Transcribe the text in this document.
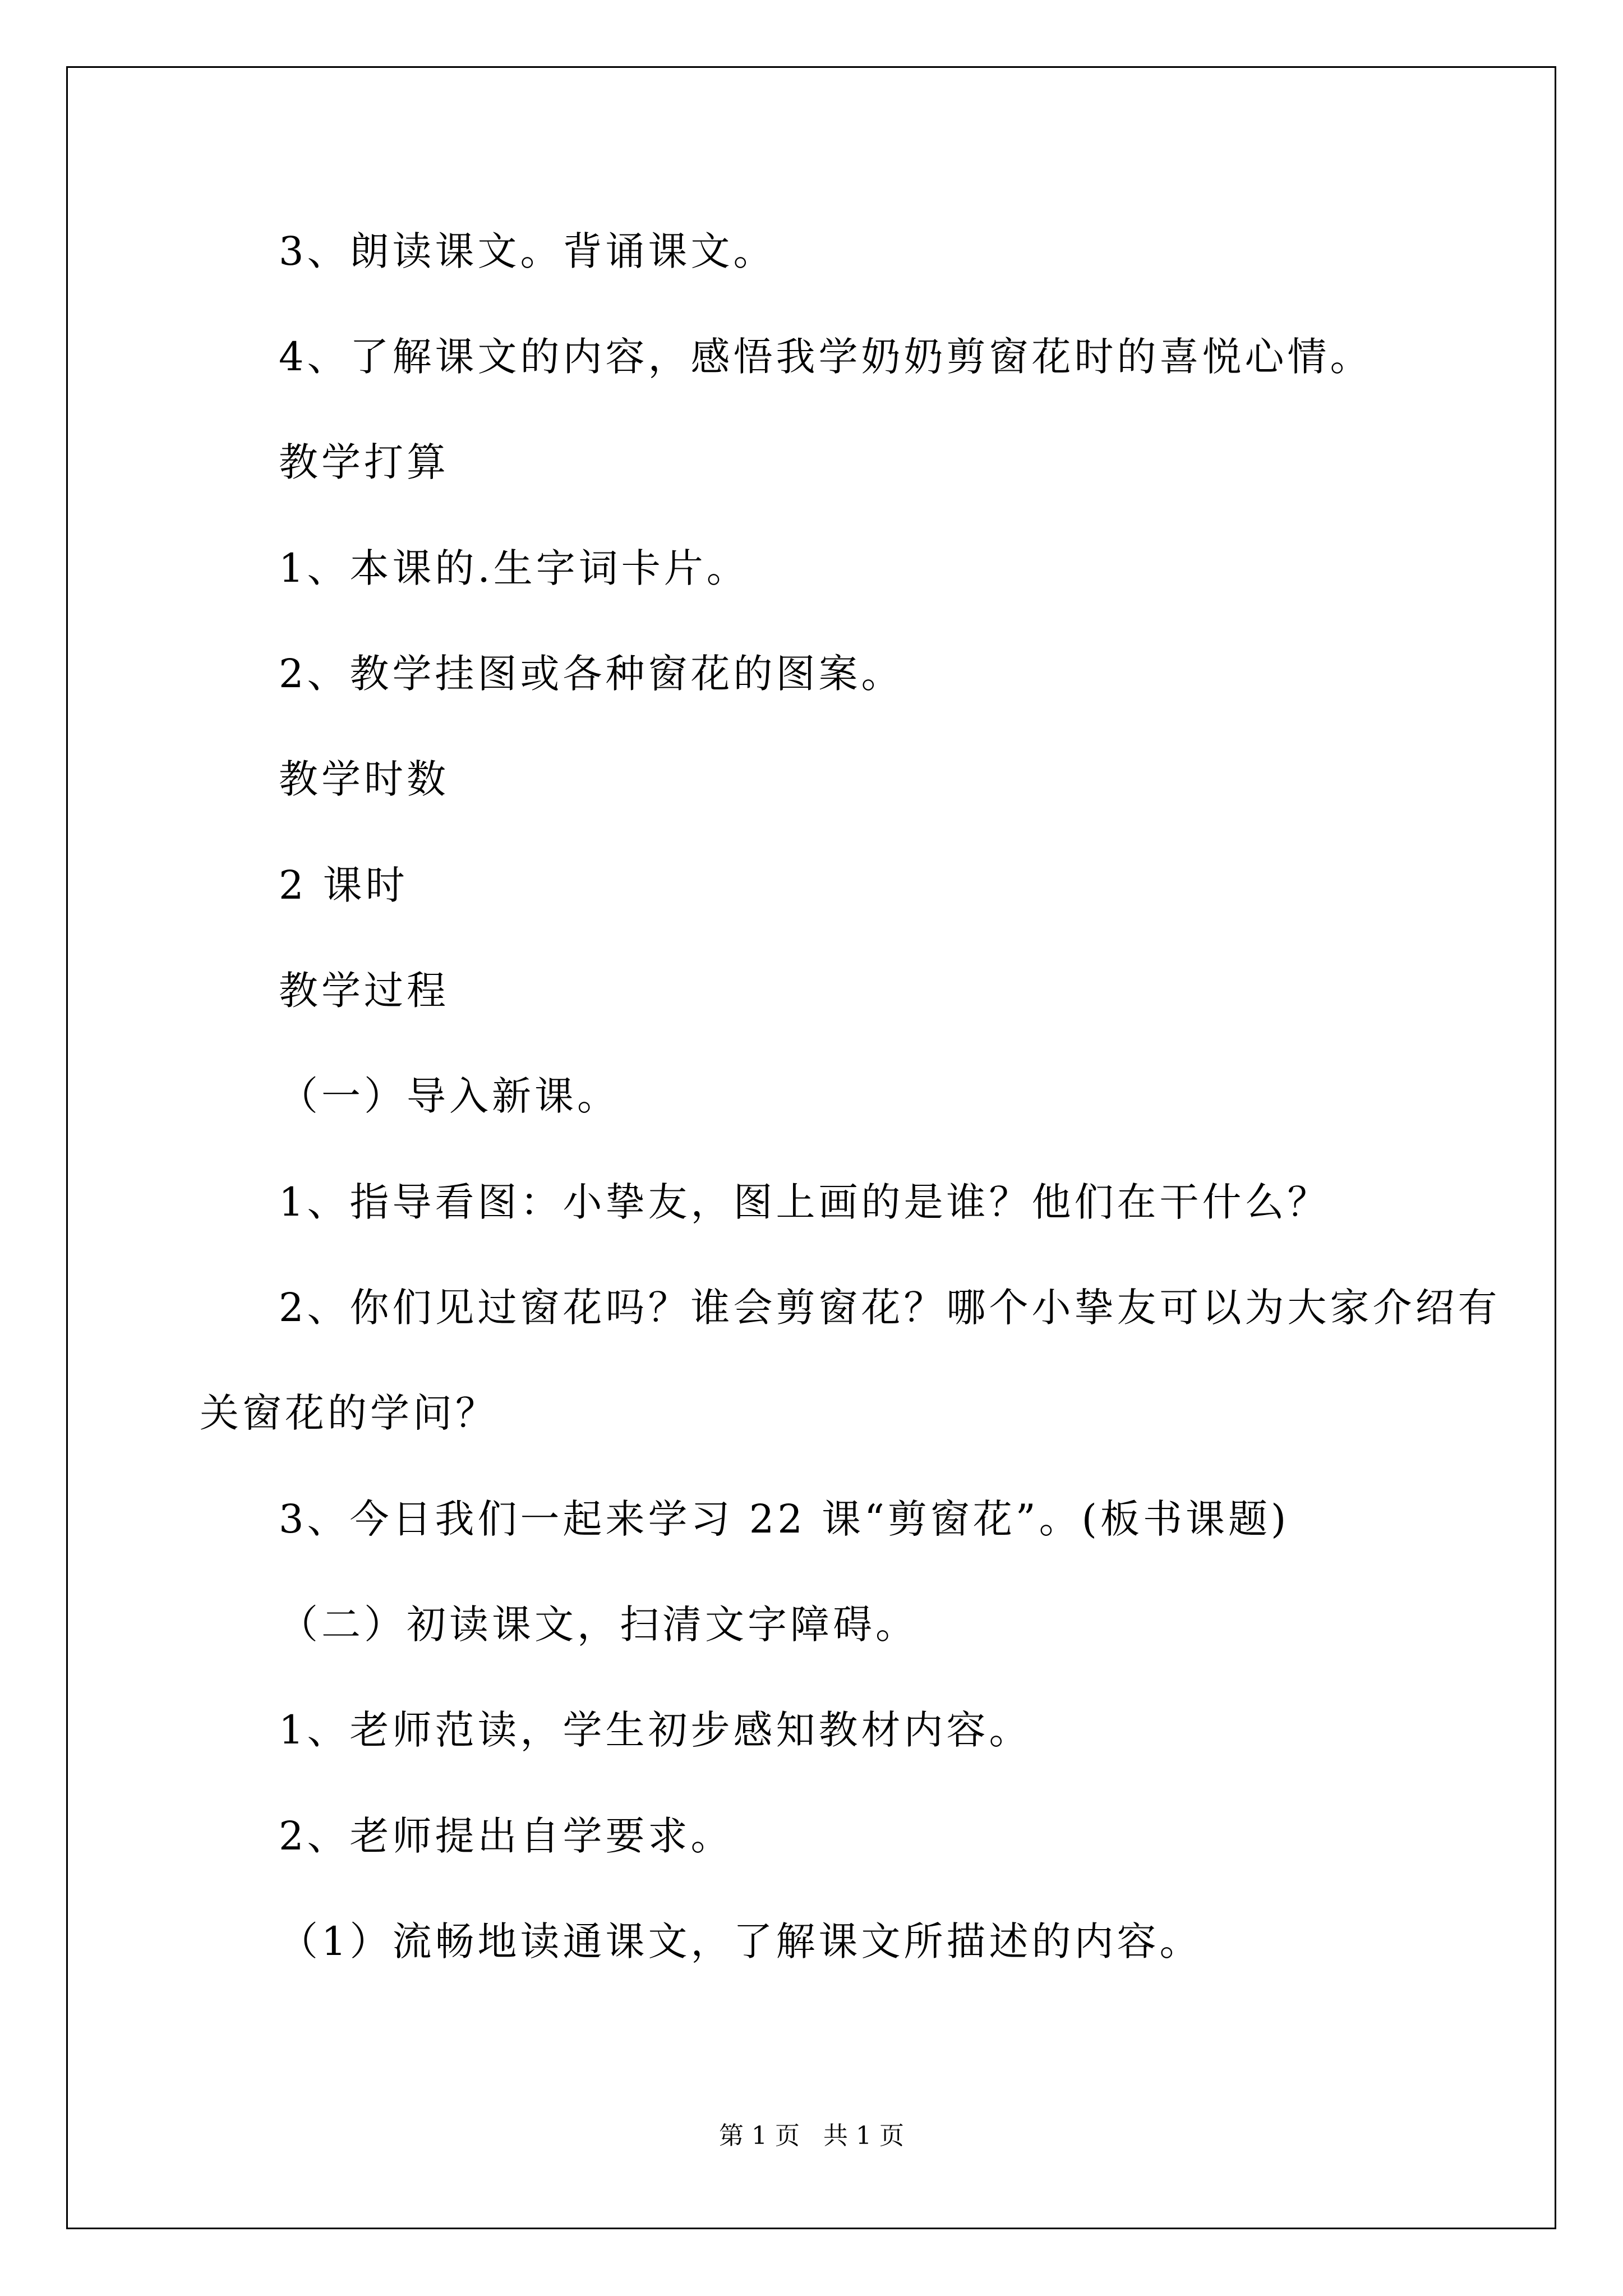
3、朗读课文。背诵课文。

4、了解课文的内容，感悟我学奶奶剪窗花时的喜悦心情。

教学打算

1、本课的.生字词卡片。

2、教学挂图或各种窗花的图案。

教学时数

2 课时

教学过程

（一）导入新课。

1、指导看图：小挚友，图上画的是谁？他们在干什么？

2、你们见过窗花吗？谁会剪窗花？哪个小挚友可以为大家介绍有

关窗花的学问？

3、今日我们一起来学习 22 课“剪窗花”。(板书课题)

（二）初读课文，扫清文字障碍。

1、老师范读，学生初步感知教材内容。

2、老师提出自学要求。

（1）流畅地读通课文，了解课文所描述的内容。

第 1 页   共 1 页
